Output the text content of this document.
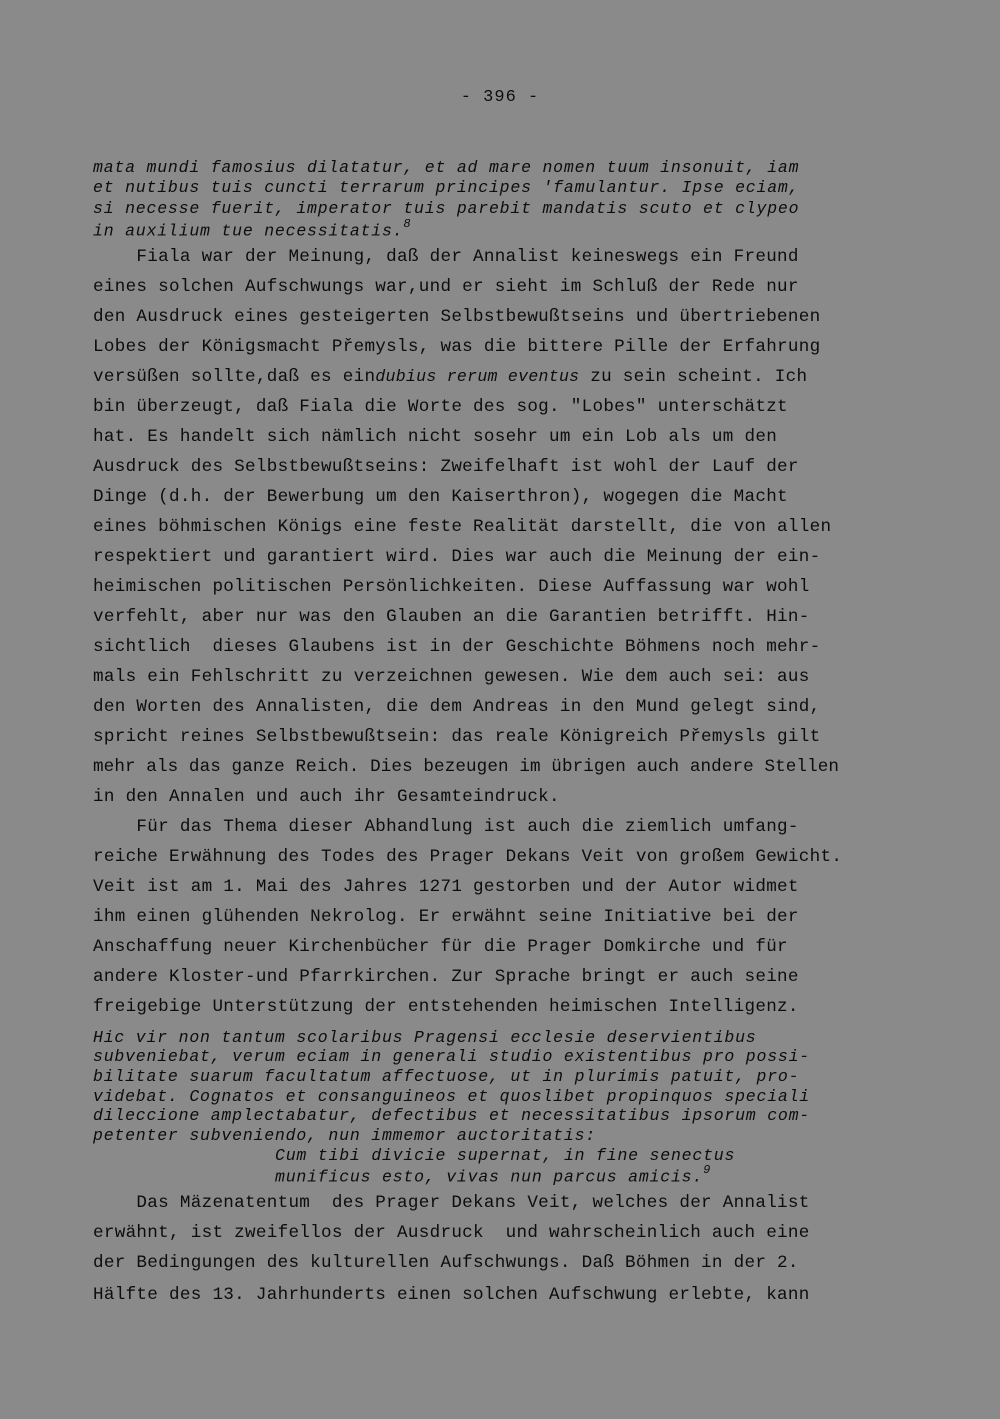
- 396 -
mata mundi famosius dilatatur, et ad mare nomen tuum insonuit, iam
et nutibus tuis cuncti terrarum principes 'famulantur. Ipse eciam,
si necesse fuerit, imperator tuis parebit mandatis scuto et clypeo
in auxilium tue necessitatis.$^8$
Fiala war der Meinung, daß der Annalist keineswegs ein Freund
eines solchen Aufschwungs war,und er sieht im Schluß der Rede nur
den Ausdruck eines gesteigerten Selbstbewußtseins und übertriebenen
Lobes der Königsmacht Přemysls, was die bittere Pille der Erfahrung
versüßen sollte,daß es eindubius rerum eventus zu sein scheint. Ich
bin überzeugt, daß Fiala die Worte des sog. "Lobes" unterschätzt
hat. Es handelt sich nämlich nicht sosehr um ein Lob als um den
Ausdruck des Selbstbewußtseins: Zweifelhaft ist wohl der Lauf der
Dinge (d.h. der Bewerbung um den Kaiserthron), wogegen die Macht
eines böhmischen Königs eine feste Realität darstellt, die von allen
respektiert und garantiert wird. Dies war auch die Meinung der ein-
heimischen politischen Persönlichkeiten. Diese Auffassung war wohl
verfehlt, aber nur was den Glauben an die Garantien betrifft. Hin-
sichtlich  dieses Glaubens ist in der Geschichte Böhmens noch mehr-
mals ein Fehlschritt zu verzeichnen gewesen. Wie dem auch sei: aus
den Worten des Annalisten, die dem Andreas in den Mund gelegt sind,
spricht reines Selbstbewußtsein: das reale Königreich Přemysls gilt
mehr als das ganze Reich. Dies bezeugen im übrigen auch andere Stellen
in den Annalen und auch ihr Gesamteindruck.
Für das Thema dieser Abhandlung ist auch die ziemlich umfang-
reiche Erwähnung des Todes des Prager Dekans Veit von großem Gewicht.
Veit ist am 1. Mai des Jahres 1271 gestorben und der Autor widmet
ihm einen glühenden Nekrolog. Er erwähnt seine Initiative bei der
Anschaffung neuer Kirchenbücher für die Prager Domkirche und für
andere Kloster-und Pfarrkirchen. Zur Sprache bringt er auch seine
freigebige Unterstützung der entstehenden heimischen Intelligenz.
Hic vir non tantum scolaribus Pragensi ecclesie deservientibus
subveniebat, verum eciam in generali studio existentibus pro possi-
bilitate suarum facultatum affectuose, ut in plurimis patuit, pro-
videbat. Cognatos et consanguineos et quoslibet propinquos speciali
dileccione amplectabatur, defectibus et necessitatibus ipsorum com-
petenter subveniendo, nun immemor auctoritatis:
Cum tibi divicie supernat, in fine senectus
munificus esto, vivas nun parcus amicis.$^9$
Das Mäzenatentum  des Prager Dekans Veit, welches der Annalist
erwähnt, ist zweifellos der Ausdruck  und wahrscheinlich auch eine
der Bedingungen des kulturellen Aufschwungs. Daß Böhmen in der 2.
Hälfte des 13. Jahrhunderts einen solchen Aufschwung erlebte, kann
